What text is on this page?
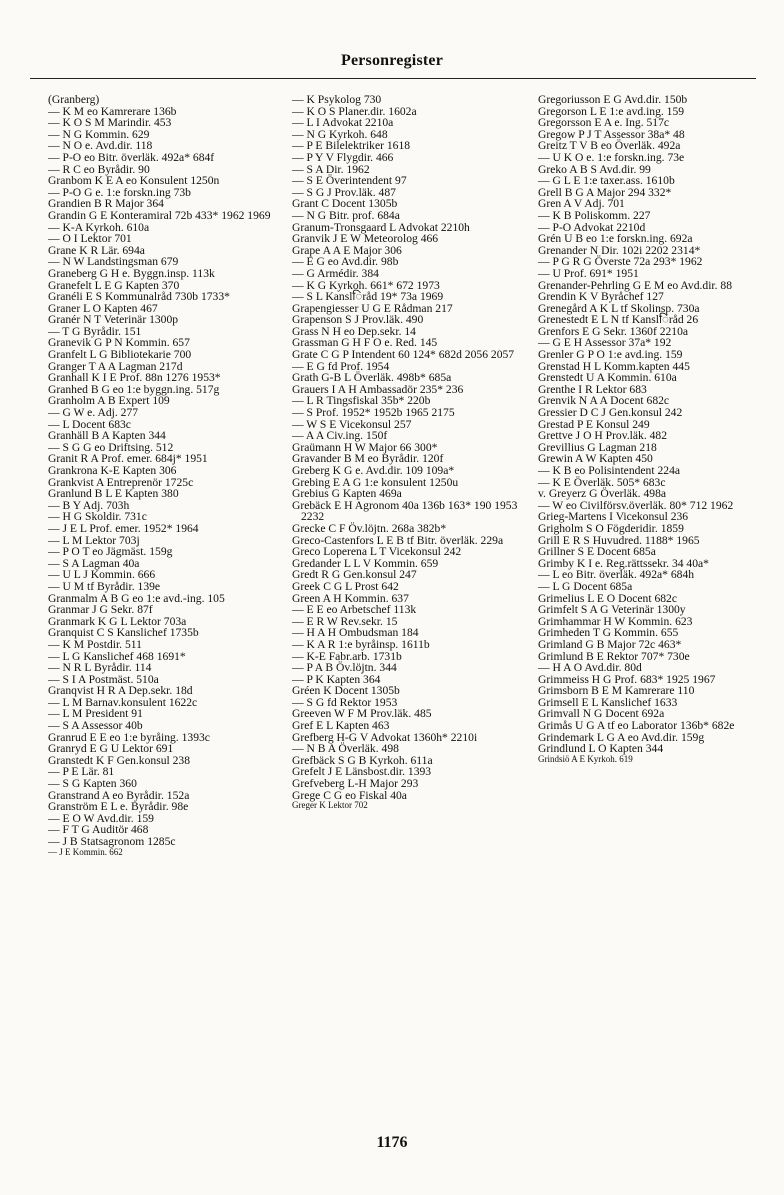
Personregister
(Granberg)
— K M eo Kamrerare 136b
— K O S M Marindir. 453
— N G Kommin. 629
— N O e. Avd.dir. 118
— P-O eo Bitr. överläk. 492a* 684f
— R C eo Byrådir. 90
Granbom K E A eo Konsulent 1250n
— P-O G e. 1:e forskn.ing 73b
Grandien B R Major 364
Grandin G E Konteramiral 72b 433* 1962 1969
— K-A Kyrkoh. 610a
— O I Lektor 701
Grane K R Lär. 694a
— N W Landstingsman 679
Graneberg G H e. Byggn.insp. 113k
Granefelt L E G Kapten 370
Granéli E S Kommunalråd 730b 1733*
Graner L O Kapten 467
Granér N T Veterinär 1300p
— T G Byrådir. 151
Granevik G P N Kommin. 657
Granfelt L G Bibliotekarie 700
Granger T A A Lagman 217d
Granhall K I E Prof. 88n 1276 1953*
Granhed B G eo 1:e byggn.ing. 517g
Granholm A B Expert 109
— G W e. Adj. 277
— L Docent 683c
Granhäll B A Kapten 344
— S G G eo Driftsing. 512
Granit R A Prof. emer. 684j* 1951
Grankrona K-E Kapten 306
Grankvist A Entreprenör 1725c
Granlund B L E Kapten 380
— B Y Adj. 703h
— H G Skoldir. 731c
— J E L Prof. emer. 1952* 1964
— L M Lektor 703j
— P O T eo Jägmäst. 159g
— S A Lagman 40a
— U L J Kommin. 666
— U M tf Byrådir. 139e
Granmalm A B G eo 1:e avd.-ing. 105
Granmar J G Sekr. 87f
Granmark K G L Lektor 703a
Granquist C S Kanslichef 1735b
— K M Postdir. 511
— L G Kanslichef 468 1691*
— N R L Byrådir. 114
— S I A Postmäst. 510a
Granqvist H R A Dep.sekr. 18d
— L M Barnav.konsulent 1622c
— L M President 91
— S A Assessor 40b
Granrud E E eo 1:e byråing. 1393c
Granryd E G U Lektor 691
Granstedt K F Gen.konsul 238
— P E Lär. 81
— S G Kapten 360
Granstrand A eo Byrådir. 152a
Granström E L e. Byrådir. 98e
— E O W Avd.dir. 159
— F T G Auditör 468
— J B Statsagronom 1285c
— J E Kommin. 662
— K Psykolog 730
— K O S Planer.dir. 1602a
— L I Advokat 2210a
— N G Kyrkoh. 648
— P E Bilelektriker 1618
— P Y V Flygdir. 466
— S A Dir. 1962
— S E Överintendent 97
— S G J Prov.läk. 487
Grant C Docent 1305b
— N G Bitr. prof. 684a
Granum-Tronsgaard L Advokat 2210h
Granvik J E W Meteorolog 466
Grape A A E Major 306
— E G eo Avd.dir. 98b
— G Armédir. 384
— K G Kyrkoh. 661* 672 1973
— S L Kanslिråd 19* 73a 1969
Grapengiesser U G E Rådman 217
Grapenson S J Prov.läk. 490
Grass N H eo Dep.sekr. 14
Grassman G H F O e. Red. 145
Grate C G P Intendent 60 124* 682d 2056 2057
— E G fd Prof. 1954
Grath G-B L Överläk. 498b* 685a
Grauers I A H Ambassadör 235* 236
— L R Tingsfiskal 35b* 220b
— S Prof. 1952* 1952b 1965 2175
— W S E Vicekonsul 257
— A A Civ.ing. 150f
Graümann H W Major 66 300*
Gravander B M eo Byrådir. 120f
Greberg K G e. Avd.dir. 109 109a*
Grebing E A G 1:e konsulent 1250u
Grebius G Kapten 469a
Grebäck E H Agronom 40a 136b 163* 190 1953 2232
Grecke C F Öv.löjtn. 268a 382b*
Greco-Castenfors L E B tf Bitr. överläk. 229a
Greco Loperena L T Vicekonsul 242
Gredander L L V Kommin. 659
Gredt R G Gen.konsul 247
Greek C G L Prost 642
Green A H Kommin. 637
— E E eo Arbetschef 113k
— E R W Rev.sekr. 15
— H A H Ombudsman 184
— K A R 1:e byråinsp. 1611b
— K-E Fabr.arb. 1731b
— P A B Öv.löjtn. 344
— P K Kapten 364
Gréen K Docent 1305b
— S G fd Rektor 1953
Greeven W F M Prov.läk. 485
Gref E L Kapten 463
Grefberg H-G V Advokat 1360h* 2210i
— N B A Överläk. 498
Grefbäck S G B Kyrkoh. 611a
Grefelt J E Länsbost.dir. 1393
Grefveberg L-H Major 293
Grege C G eo Fiskal 40a
Greger K Lektor 702
Gregoriusson E G Avd.dir. 150b
Gregorson L E 1:e avd.ing. 159
Gregorsson E A e. Ing. 517c
Gregow P J T Assessor 38a* 48
Greitz T V B eo Överläk. 492a
— U K O e. 1:e forskn.ing. 73e
Greko A B S Avd.dir. 99
— G L E 1:e taxer.ass. 1610b
Grell B G A Major 294 332*
Gren A V Adj. 701
— K B Poliskomm. 227
— P-O Advokat 2210d
Grén U B eo 1:e forskn.ing. 692a
Grenander N Dir. 102i 2202 2314*
— P G R G Överste 72a 293* 1962
— U Prof. 691* 1951
Grenander-Pehrling G E M eo Avd.dir. 88
Grendin K V Byråchef 127
Grenegård A K L tf Skolinsp. 730a
Grenestedt E L N tf Kanslिråd 26
Grenfors E G Sekr. 1360f 2210a
— G E H Assessor 37a* 192
Grenler G P O 1:e avd.ing. 159
Grenstad H L Komm.kapten 445
Grenstedt U A Kommin. 610a
Grenthe I R Lektor 683
Grenvik N A A Docent 682c
Gressier D C J Gen.konsul 242
Grestad P E Konsul 249
Grettve J O H Prov.läk. 482
Grevillius G Lagman 218
Grewin A W Kapten 450
— K B eo Polisintendent 224a
— K E Överläk. 505* 683c
v. Greyerz G Överläk. 498a
— W eo Civilförsv.överläk. 80* 712 1962
Grieg-Martens I Vicekonsul 236
Grigholm S O Fögderidir. 1859
Grill E R S Huvudred. 1188* 1965
Grillner S E Docent 685a
Grimby K I e. Reg.rättssekr. 34 40a*
— L eo Bitr. överläk. 492a* 684h
— L G Docent 685a
Grimelius L E O Docent 682c
Grimfelt S A G Veterinär 1300y
Grimhammar H W Kommin. 623
Grimheden T G Kommin. 655
Grimland G B Major 72c 463*
Grimlund B E Rektor 707* 730e
— H A O Avd.dir. 80d
Grimmeiss H G Prof. 683* 1925 1967
Grimsborn B E M Kamrerare 110
Grimsell E L Kanslichef 1633
Grimvall N G Docent 692a
Grimås U G A tf eo Laborator 136b* 682e
Grindemark L G A eo Avd.dir. 159g
Grindlund L O Kapten 344
Grindsiö A E Kyrkoh. 619
1176
